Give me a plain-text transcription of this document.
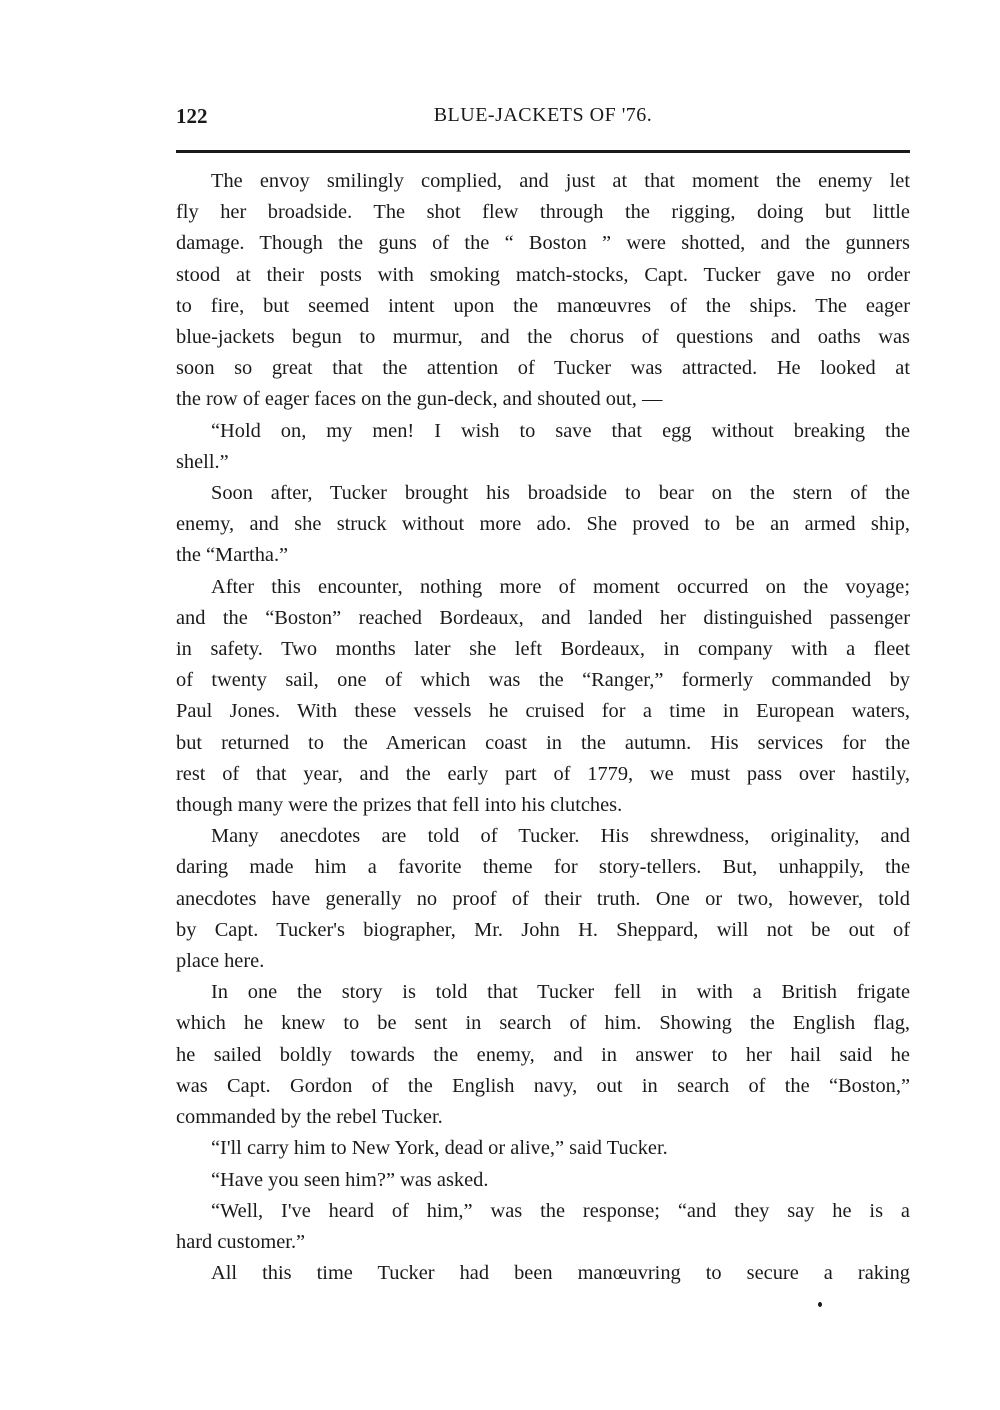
122	BLUE-JACKETS OF '76.

The envoy smilingly complied, and just at that moment the enemy let
fly her broadside. The shot flew through the rigging, doing but little
damage. Though the guns of the “ Boston ” were shotted, and the gunners
stood at their posts with smoking match-stocks, Capt. Tucker gave no order
to fire, but seemed intent upon the manœuvres of the ships. The eager
blue-jackets begun to murmur, and the chorus of questions and oaths was
soon so great that the attention of Tucker was attracted. He looked at
the row of eager faces on the gun-deck, and shouted out, —

“Hold on, my men! I wish to save that egg without breaking the
shell.”

Soon after, Tucker brought his broadside to bear on the stern of the
enemy, and she struck without more ado. She proved to be an armed ship,
the “Martha.”

After this encounter, nothing more of moment occurred on the voyage;
and the “Boston” reached Bordeaux, and landed her distinguished passenger
in safety. Two months later she left Bordeaux, in company with a fleet
of twenty sail, one of which was the “Ranger,” formerly commanded by
Paul Jones. With these vessels he cruised for a time in European waters,
but returned to the American coast in the autumn. His services for the
rest of that year, and the early part of 1779, we must pass over hastily,
though many were the prizes that fell into his clutches.

Many anecdotes are told of Tucker. His shrewdness, originality, and
daring made him a favorite theme for story-tellers. But, unhappily, the
anecdotes have generally no proof of their truth. One or two, however, told
by Capt. Tucker's biographer, Mr. John H. Sheppard, will not be out of
place here.

In one the story is told that Tucker fell in with a British frigate
which he knew to be sent in search of him. Showing the English flag,
he sailed boldly towards the enemy, and in answer to her hail said he
was Capt. Gordon of the English navy, out in search of the “Boston,”
commanded by the rebel Tucker.

“I'll carry him to New York, dead or alive,” said Tucker.

“Have you seen him?” was asked.

“Well, I've heard of him,” was the response; “and they say he is a
hard customer.”

All this time Tucker had been manœuvring to secure a raking
